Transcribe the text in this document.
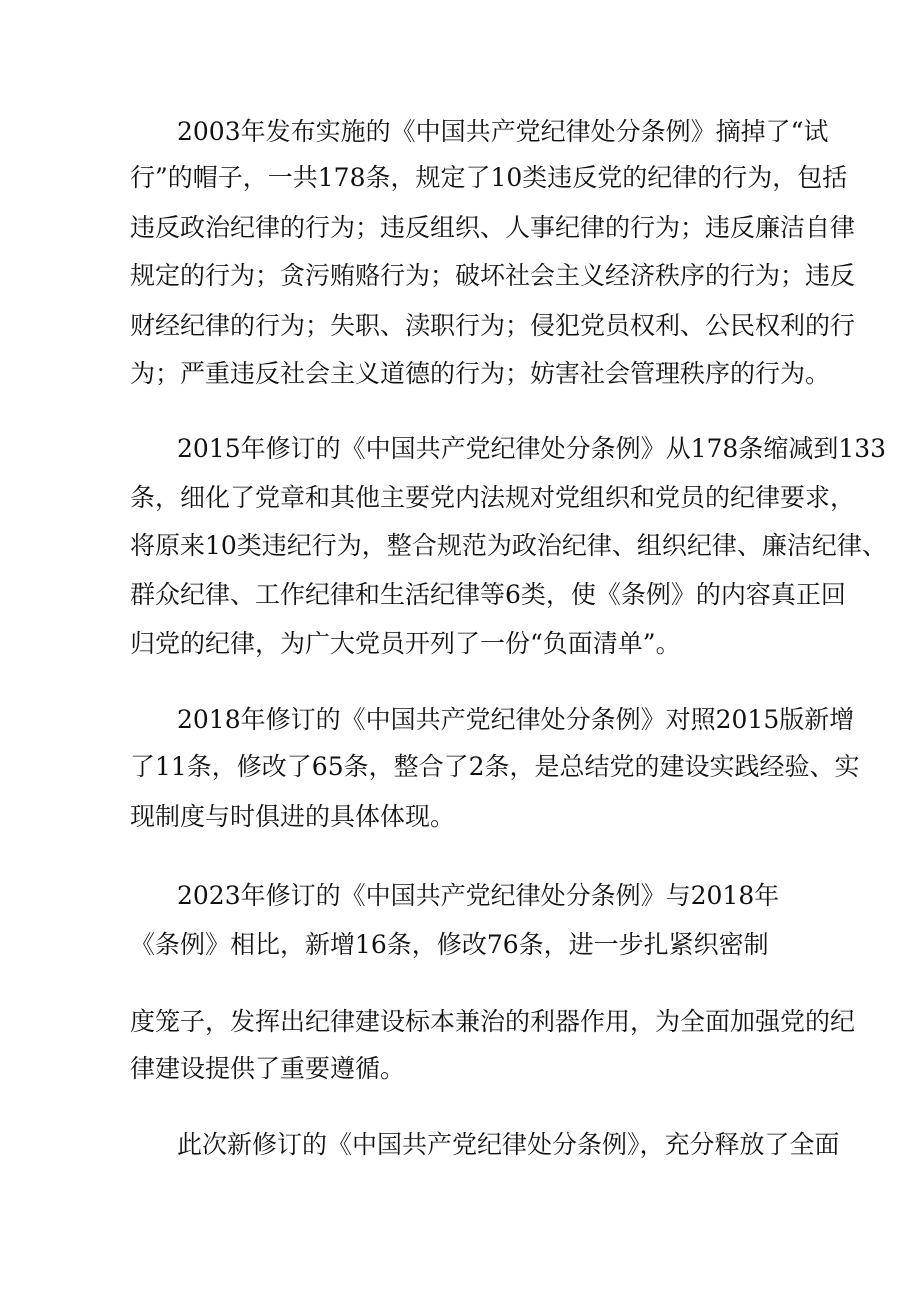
2003年发布实施的《中国共产党纪律处分条例》摘掉了“试
行”的帽子，一共178条，规定了10类违反党的纪律的行为，包括
违反政治纪律的行为；违反组织、人事纪律的行为；违反廉洁自律
规定的行为；贪污贿赂行为；破坏社会主义经济秩序的行为；违反
财经纪律的行为；失职、渎职行为；侵犯党员权利、公民权利的行
为；严重违反社会主义道德的行为；妨害社会管理秩序的行为。
2015年修订的《中国共产党纪律处分条例》从178条缩减到133
条，细化了党章和其他主要党内法规对党组织和党员的纪律要求，
将原来10类违纪行为，整合规范为政治纪律、组织纪律、廉洁纪律、
群众纪律、工作纪律和生活纪律等6类，使《条例》的内容真正回
归党的纪律，为广大党员开列了一份“负面清单”。
2018年修订的《中国共产党纪律处分条例》对照2015版新增
了11条，修改了65条，整合了2条，是总结党的建设实践经验、实
现制度与时俱进的具体体现。
2023年修订的《中国共产党纪律处分条例》与2018年
《条例》相比，新增16条，修改76条，进一步扎紧织密制
度笼子，发挥出纪律建设标本兼治的利器作用，为全面加强党的纪
律建设提供了重要遵循。
此次新修订的《中国共产党纪律处分条例》，充分释放了全面
